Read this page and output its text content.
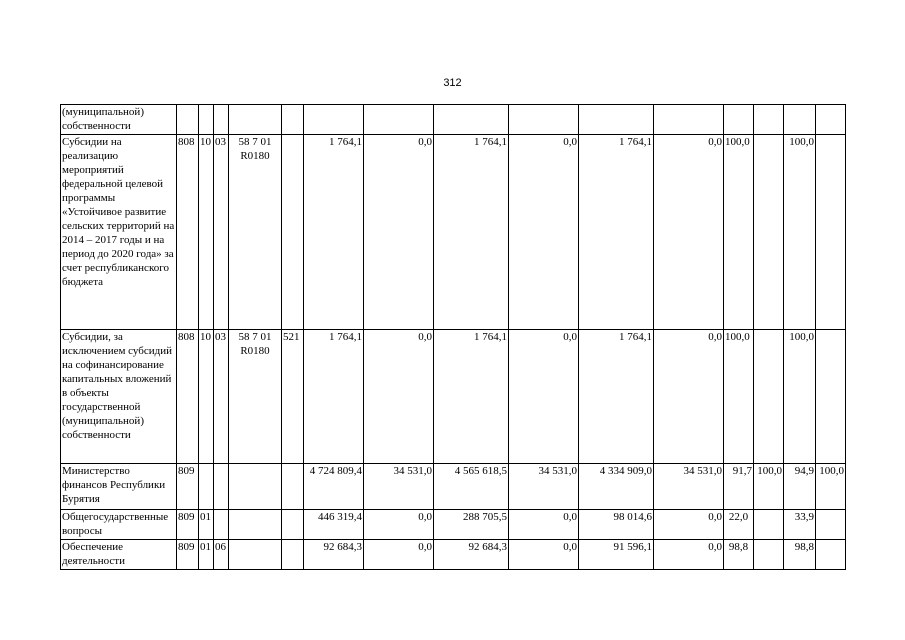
312
(муниципальной) собственности															
Субсидии на реализацию мероприятий федеральной целевой программы «Устойчивое развитие сельских территорий на 2014 – 2017 годы и на период до 2020 года» за счет республиканского бюджета	808	10	03	58 7 01 R0180		1 764,1	0,0	1 764,1	0,0	1 764,1	0,0	100,0		100,0	
Субсидии, за исключением субсидий на софинансирование капитальных вложений в объекты государственной (муниципальной) собственности	808	10	03	58 7 01 R0180	521	1 764,1	0,0	1 764,1	0,0	1 764,1	0,0	100,0		100,0	
Министерство финансов Республики Бурятия	809					4 724 809,4	34 531,0	4 565 618,5	34 531,0	4 334 909,0	34 531,0	91,7	100,0	94,9	100,0
Общегосударственные вопросы	809	01				446 319,4	0,0	288 705,5	0,0	98 014,6	0,0	22,0		33,9	
Обеспечение деятельности	809	01	06			92 684,3	0,0	92 684,3	0,0	91 596,1	0,0	98,8		98,8	
